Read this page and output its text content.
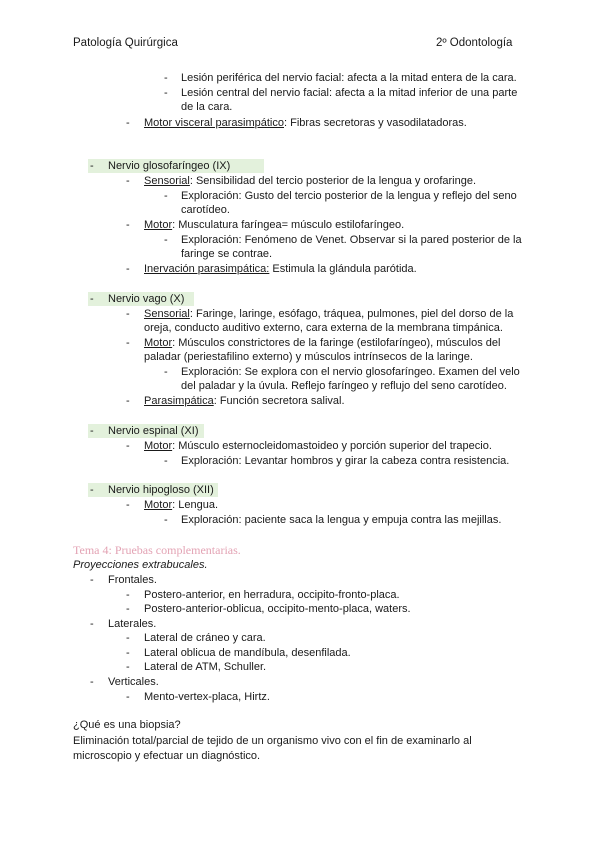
Patología Quirúrgica	2º Odontología
- Lesión periférica del nervio facial: afecta a la mitad entera de la cara.
- Lesión central del nervio facial: afecta a la mitad inferior de una parte
de la cara.
- Motor visceral parasimpático: Fibras secretoras y vasodilatadoras.
- Nervio glosofaríngeo (IX)
- Sensorial: Sensibilidad del tercio posterior de la lengua y orofaringe.
- Exploración: Gusto del tercio posterior de la lengua y reflejo del seno
carotídeo.
- Motor: Musculatura faríngea= músculo estilofaríngeo.
- Exploración: Fenómeno de Venet. Observar si la pared posterior de la
faringe se contrae.
- Inervación parasimpática: Estimula la glándula parótida.
- Nervio vago (X)
- Sensorial: Faringe, laringe, esófago, tráquea, pulmones, piel del dorso de la
oreja, conducto auditivo externo, cara externa de la membrana timpánica.
- Motor: Músculos constrictores de la faringe (estilofaríngeo), músculos del
paladar (periestafilino externo) y músculos intrínsecos de la laringe.
- Exploración: Se explora con el nervio glosofaríngeo. Examen del velo
del paladar y la úvula. Reflejo faríngeo y reflujo del seno carotídeo.
- Parasimpática: Función secretora salival.
- Nervio espinal (XI)
- Motor: Músculo esternocleidomastoideo y porción superior del trapecio.
- Exploración: Levantar hombros y girar la cabeza contra resistencia.
- Nervio hipogloso (XII)
- Motor: Lengua.
- Exploración: paciente saca la lengua y empuja contra las mejillas.
Tema 4: Pruebas complementarias.
Proyecciones extrabucales.
- Frontales.
- Postero-anterior, en herradura, occipito-fronto-placa.
- Postero-anterior-oblicua, occipito-mento-placa, waters.
- Laterales.
- Lateral de cráneo y cara.
- Lateral oblicua de mandíbula, desenfilada.
- Lateral de ATM, Schuller.
- Verticales.
- Mento-vertex-placa, Hirtz.
¿Qué es una biopsia?
Eliminación total/parcial de tejido de un organismo vivo con el fin de examinarlo al
microscopio y efectuar un diagnóstico.
